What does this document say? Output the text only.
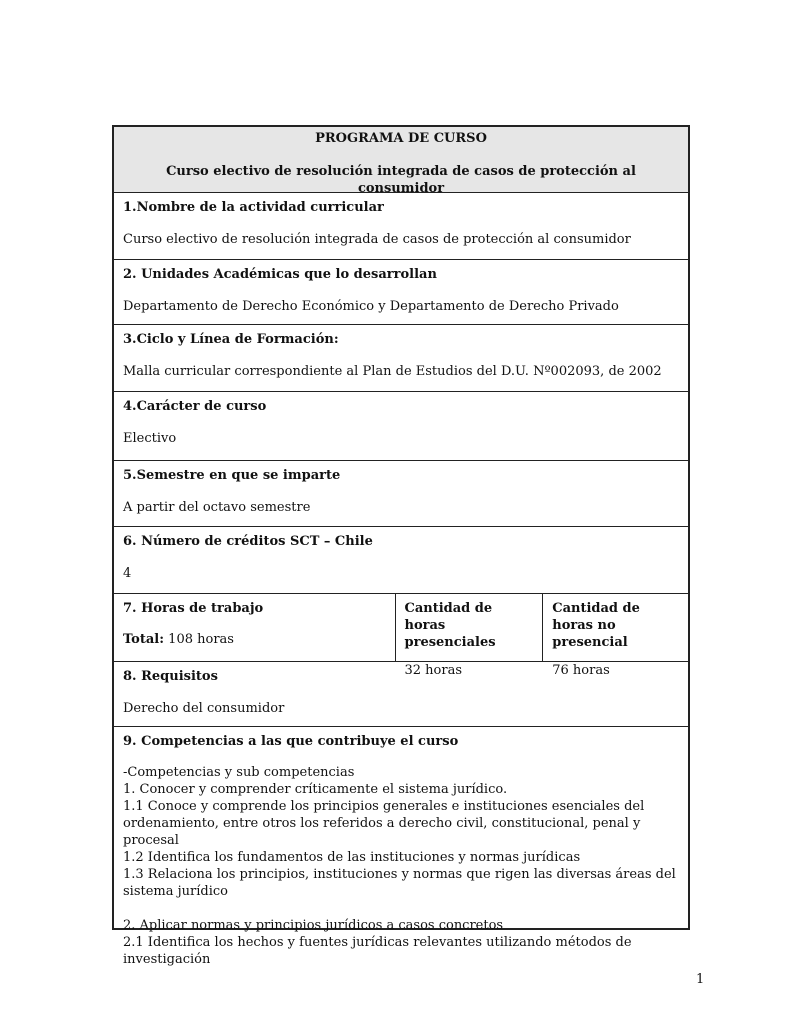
PROGRAMA DE CURSO
Curso electivo de resolución integrada de casos de protección al consumidor
1.Nombre de la actividad curricular
Curso electivo de resolución integrada de casos de protección al consumidor
2. Unidades Académicas que lo desarrollan
Departamento de Derecho Económico y Departamento de Derecho Privado
3.Ciclo y Línea de Formación:
Malla curricular correspondiente al Plan de Estudios del D.U. Nº002093, de 2002
4.Carácter de curso
Electivo
5.Semestre en que se imparte
A partir del octavo semestre
6. Número de créditos SCT – Chile
4
7. Horas de trabajo
Total: 108 horas
Cantidad de horas presenciales
32 horas
Cantidad de horas no presencial
76 horas
8. Requisitos
Derecho del consumidor
9. Competencias a las que contribuye el curso
-Competencias y sub competencias
1. Conocer y comprender críticamente el sistema jurídico.
1.1 Conoce y comprende los principios generales e instituciones esenciales del ordenamiento, entre otros los referidos a derecho civil, constitucional, penal y procesal
1.2 Identifica los fundamentos de las instituciones y normas jurídicas
1.3 Relaciona los principios, instituciones y normas que rigen las diversas áreas del sistema jurídico
2. Aplicar normas y principios jurídicos a casos concretos
2.1 Identifica los hechos y fuentes jurídicas relevantes utilizando métodos de investigación
1
